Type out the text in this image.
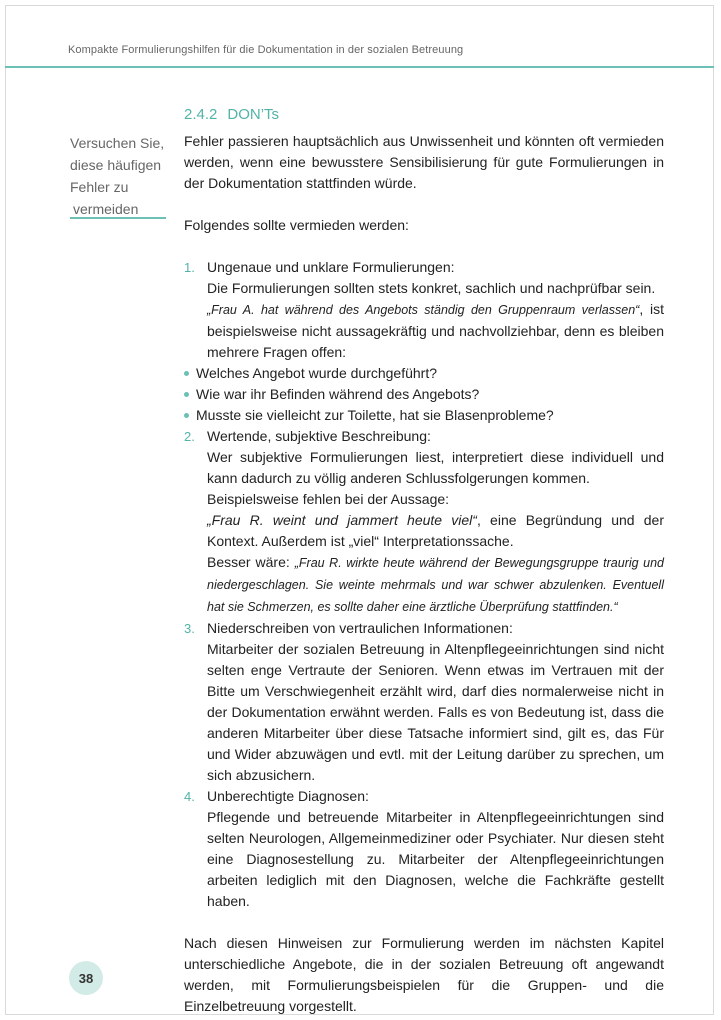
Kompakte Formulierungshilfen für die Dokumentation in der sozialen Betreuung
2.4.2 DON’Ts
Versuchen Sie,
diese häufigen
Fehler zu
vermeiden

Fehler passieren hauptsächlich aus Unwissenheit und könnten oft vermieden werden, wenn eine bewusstere Sensibilisierung für gute Formulierungen in der Dokumentation stattfinden würde.

Folgendes sollte vermieden werden:

1. Ungenaue und unklare Formulierungen:

Die Formulierungen sollten stets konkret, sachlich und nachprüfbar sein.

„Frau A. hat während des Angebots ständig den Gruppenraum verlassen“, ist beispielsweise nicht aussagekräftig und nachvollziehbar, denn es bleiben mehrere Fragen offen:

Welches Angebot wurde durchgeführt?
Wie war ihr Befinden während des Angebots?
Musste sie vielleicht zur Toilette, hat sie Blasenprobleme?
2. Wertende, subjektive Beschreibung:

Wer subjektive Formulierungen liest, interpretiert diese individuell und kann dadurch zu völlig anderen Schlussfolgerungen kommen.

Beispielsweise fehlen bei der Aussage:

„Frau R. weint und jammert heute viel“, eine Begründung und der Kontext. Außerdem ist „viel“ Interpretationssache.

Besser wäre: „Frau R. wirkte heute während der Bewegungsgruppe traurig und niedergeschlagen. Sie weinte mehrmals und war schwer abzulenken. Eventuell hat sie Schmerzen, es sollte daher eine ärztliche Überprüfung stattfinden.“

3. Niederschreiben von vertraulichen Informationen:

Mitarbeiter der sozialen Betreuung in Altenpflegeeinrichtungen sind nicht selten enge Vertraute der Senioren. Wenn etwas im Vertrauen mit der Bitte um Verschwiegenheit erzählt wird, darf dies normalerweise nicht in der Dokumentation erwähnt werden. Falls es von Bedeutung ist, dass die anderen Mitarbeiter über diese Tatsache informiert sind, gilt es, das Für und Wider abzuwägen und evtl. mit der Leitung darüber zu sprechen, um sich abzusichern.

4. Unberechtigte Diagnosen:

Pflegende und betreuende Mitarbeiter in Altenpflegeeinrichtungen sind selten Neurologen, Allgemeinmediziner oder Psychiater. Nur diesen steht eine Diagnosestellung zu. Mitarbeiter der Altenpflegeeinrichtungen arbeiten lediglich mit den Diagnosen, welche die Fachkräfte gestellt haben.

Nach diesen Hinweisen zur Formulierung werden im nächsten Kapitel unterschiedliche Angebote, die in der sozialen Betreuung oft angewandt werden, mit Formulierungsbeispielen für die Gruppen- und die Einzelbetreuung vorgestellt.

38
